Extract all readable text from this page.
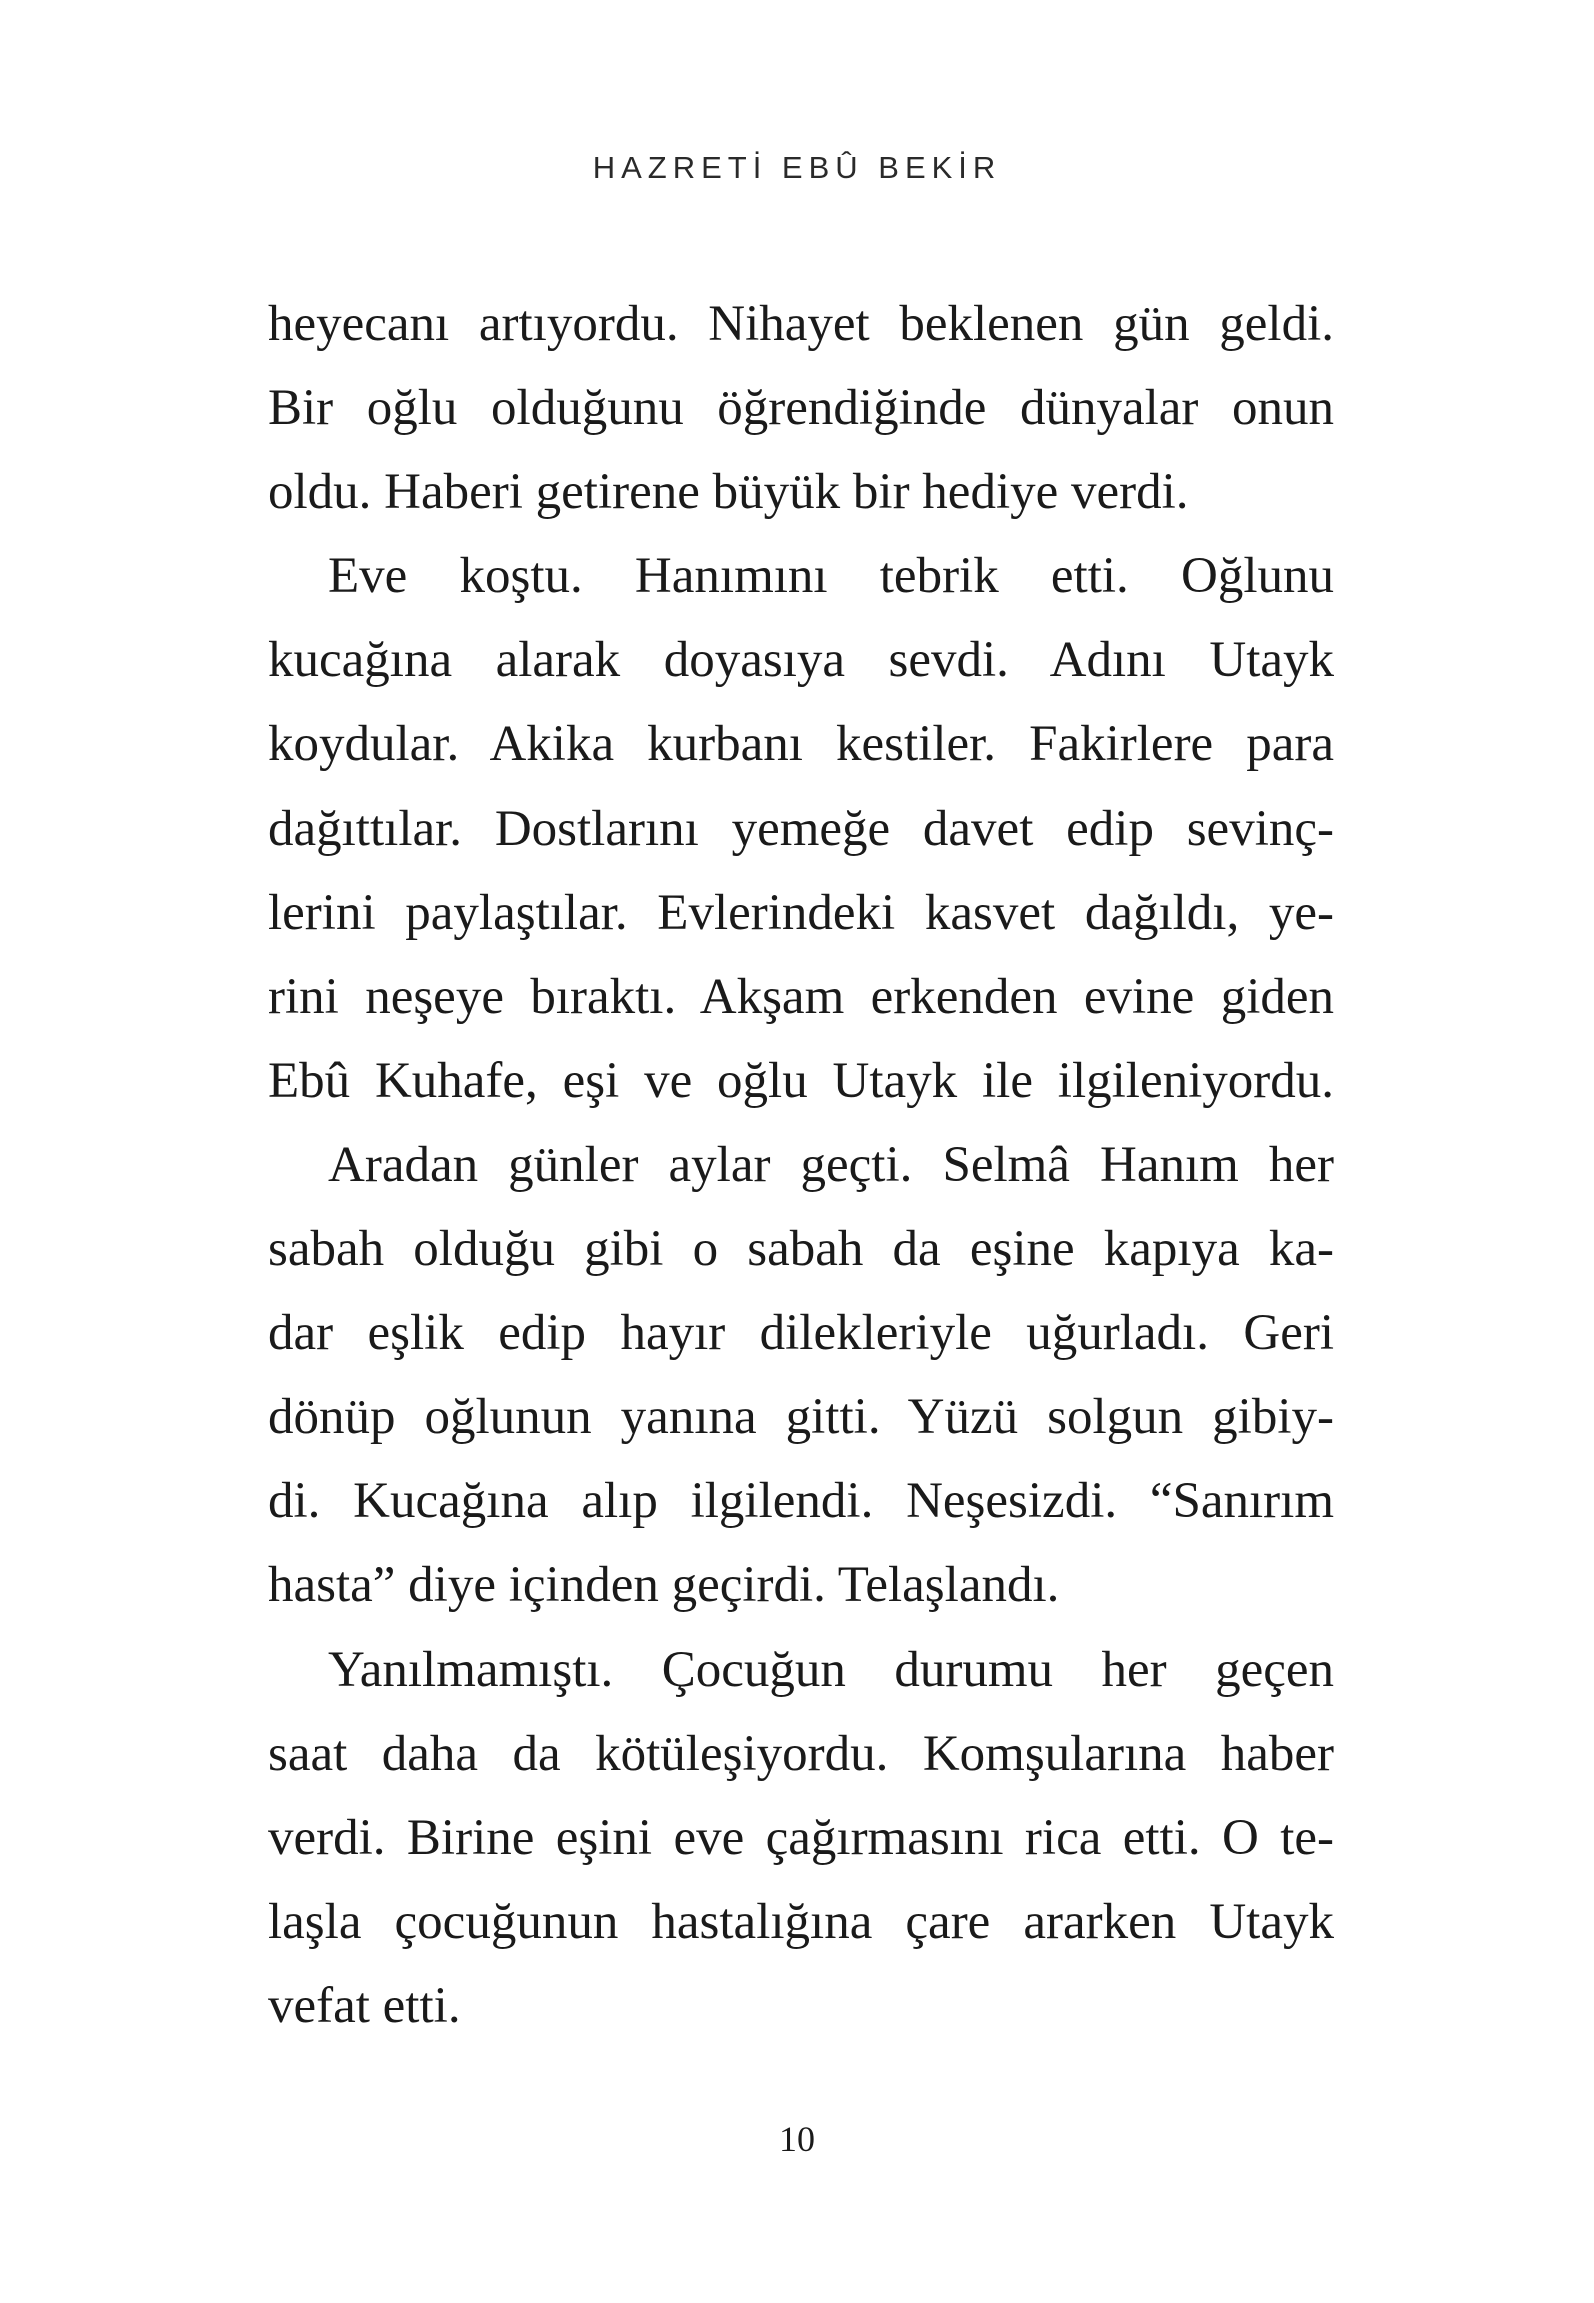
HAZRETİ EBÛ BEKİR
heyecanı artıyordu. Nihayet beklenen gün geldi.
Bir oğlu olduğunu öğrendiğinde dünyalar onun
oldu. Haberi getirene büyük bir hediye verdi.
Eve koştu. Hanımını tebrik etti. Oğlunu
kucağına alarak doyasıya sevdi. Adını Utayk
koydular. Akika kurbanı kestiler. Fakirlere para
dağıttılar. Dostlarını yemeğe davet edip sevinç-
lerini paylaştılar. Evlerindeki kasvet dağıldı, ye-
rini neşeye bıraktı. Akşam erkenden evine giden
Ebû Kuhafe, eşi ve oğlu Utayk ile ilgileniyordu.
Aradan günler aylar geçti. Selmâ Hanım her
sabah olduğu gibi o sabah da eşine kapıya ka-
dar eşlik edip hayır dilekleriyle uğurladı. Geri
dönüp oğlunun yanına gitti. Yüzü solgun gibiy-
di. Kucağına alıp ilgilendi. Neşesizdi. “Sanırım
hasta” diye içinden geçirdi. Telaşlandı.
Yanılmamıştı. Çocuğun durumu her geçen
saat daha da kötüleşiyordu. Komşularına haber
verdi. Birine eşini eve çağırmasını rica etti. O te-
laşla çocuğunun hastalığına çare ararken Utayk
vefat etti.
10
